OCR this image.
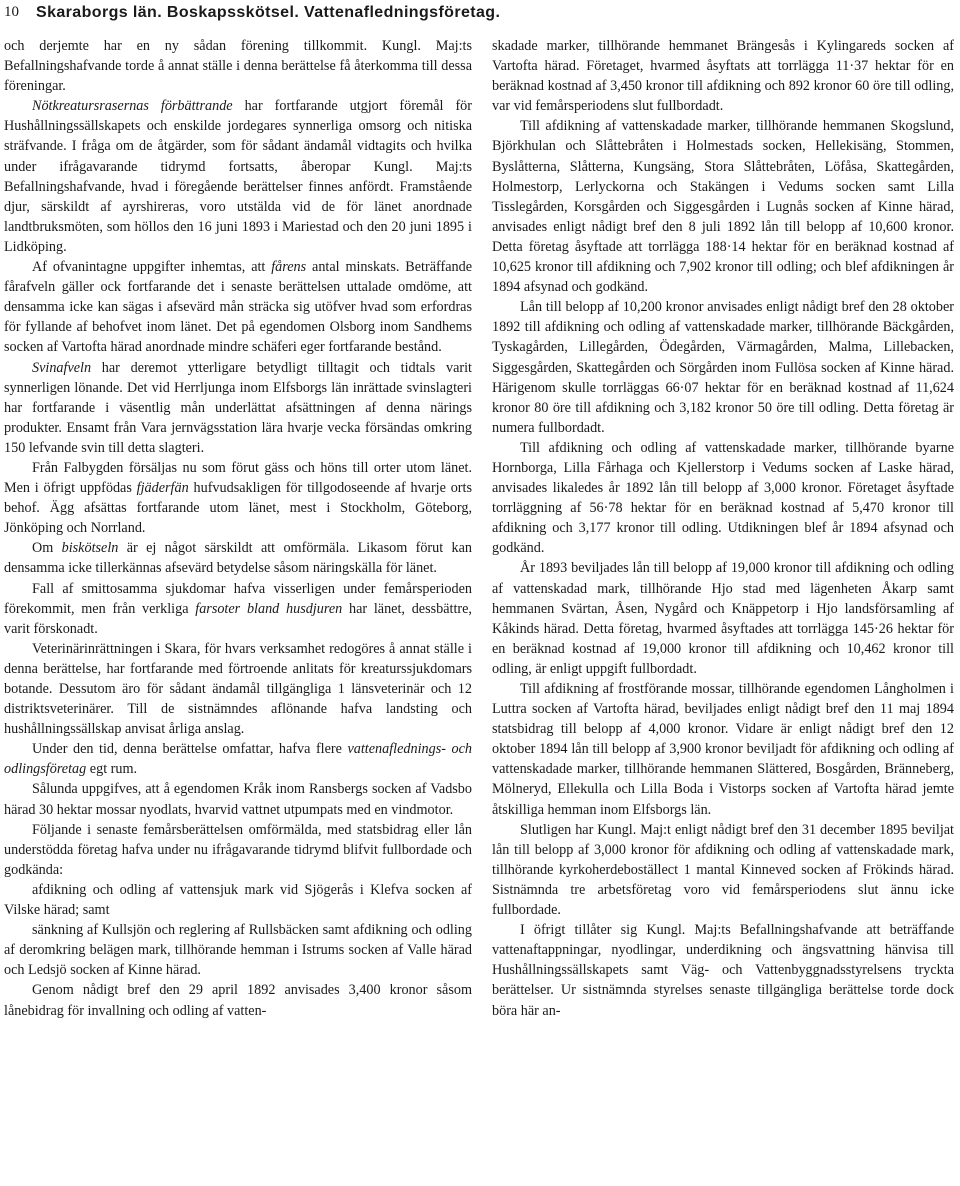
10 Skaraborgs län. Boskapsskötsel. Vattenafledningsföretag.

och derjemte har en ny sådan förening tillkommit. Kungl. Maj:ts Befallningshafvande torde å annat ställe i denna berättelse få återkomma till dessa föreningar.

Nötkreatursrasernas förbättrande har fortfarande utgjort föremål för Hushållningssällskapets och enskilde jordegares synnerliga omsorg och nitiska sträfvande. I fråga om de åtgärder, som för sådant ändamål vidtagits och hvilka under ifrågavarande tidrymd fortsatts, åberopar Kungl. Maj:ts Befallningshafvande, hvad i föregående berättelser finnes anfördt. Framstående djur, särskildt af ayrshireras, voro utstälda vid de för länet anordnade landtbruksmöten, som höllos den 16 juni 1893 i Mariestad och den 20 juni 1895 i Lidköping.

Af ofvanintagne uppgifter inhemtas, att fårens antal minskats. Beträffande fårafveln gäller ock fortfarande det i senaste berättelsen uttalade omdöme, att densamma icke kan sägas i afsevärd mån sträcka sig utöfver hvad som erfordras för fyllande af behofvet inom länet. Det på egendomen Olsborg inom Sandhems socken af Vartofta härad anordnade mindre schäferi eger fortfarande bestånd.

Svinafveln har deremot ytterligare betydligt tilltagit och tidtals varit synnerligen lönande. Det vid Herrljunga inom Elfsborgs län inrättade svinslagteri har fortfarande i väsentlig mån underlättat afsättningen af denna närings produkter. Ensamt från Vara jernvägsstation lära hvarje vecka försändas omkring 150 lefvande svin till detta slagteri.

Från Falbygden försäljas nu som förut gäss och höns till orter utom länet. Men i öfrigt uppfödas fjäderfän hufvudsakligen för tillgodoseende af hvarje orts behof. Ägg afsättas fortfarande utom länet, mest i Stockholm, Göteborg, Jönköping och Norrland.

Om biskötseln är ej något särskildt att omförmäla. Likasom förut kan densamma icke tillerkännas afsevärd betydelse såsom näringskälla för länet.

Fall af smittosamma sjukdomar hafva visserligen under femårsperioden förekommit, men från verkliga farsoter bland husdjuren har länet, dessbättre, varit förskonadt.

Veterinärinrättningen i Skara, för hvars verksamhet redogöres å annat ställe i denna berättelse, har fortfarande med förtroende anlitats för kreaturssjukdomars botande. Dessutom äro för sådant ändamål tillgängliga 1 länsveterinär och 12 distriktsveterinärer. Till de sistnämndes aflönande hafva landsting och hushållningssällskap anvisat årliga anslag.

Under den tid, denna berättelse omfattar, hafva flere vattenaflednings- och odlingsföretag egt rum.

Sålunda uppgifves, att å egendomen Kråk inom Ransbergs socken af Vadsbo härad 30 hektar mossar nyodlats, hvarvid vattnet utpumpats med en vindmotor.

Följande i senaste femårsberättelsen omförmälda, med statsbidrag eller lån understödda företag hafva under nu ifrågavarande tidrymd blifvit fullbordade och godkända:

afdikning och odling af vattensjuk mark vid Sjögerås i Klefva socken af Vilske härad; samt

sänkning af Kullsjön och reglering af Rullsbäcken samt afdikning och odling af deromkring belägen mark, tillhörande hemman i Istrums socken af Valle härad och Ledsjö socken af Kinne härad.

Genom nådigt bref den 29 april 1892 anvisades 3,400 kronor såsom lånebidrag för invallning och odling af vatten-

skadade marker, tillhörande hemmanet Brängesås i Kylingareds socken af Vartofta härad. Företaget, hvarmed åsyftats att torrlägga 11·37 hektar för en beräknad kostnad af 3,450 kronor till afdikning och 892 kronor 60 öre till odling, var vid femårsperiodens slut fullbordadt.

Till afdikning af vattenskadade marker, tillhörande hemmanen Skogslund, Björkhulan och Slåttebråten i Holmestads socken, Hellekisäng, Stommen, Byslåtterna, Slåtterna, Kungsäng, Stora Slåttebråten, Löfåsa, Skattegården, Holmestorp, Lerlyckorna och Stakängen i Vedums socken samt Lilla Tisslegården, Korsgården och Siggesgården i Lugnås socken af Kinne härad, anvisades enligt nådigt bref den 8 juli 1892 lån till belopp af 10,600 kronor. Detta företag åsyftade att torrlägga 188·14 hektar för en beräknad kostnad af 10,625 kronor till afdikning och 7,902 kronor till odling; och blef afdikningen år 1894 afsynad och godkänd.

Lån till belopp af 10,200 kronor anvisades enligt nådigt bref den 28 oktober 1892 till afdikning och odling af vattenskadade marker, tillhörande Bäckgården, Tyskagården, Lillegården, Ödegården, Värmagården, Malma, Lillebacken, Siggesgården, Skattegården och Sörgården inom Fullösa socken af Kinne härad. Härigenom skulle torrläggas 66·07 hektar för en beräknad kostnad af 11,624 kronor 80 öre till afdikning och 3,182 kronor 50 öre till odling. Detta företag är numera fullbordadt.

Till afdikning och odling af vattenskadade marker, tillhörande byarne Hornborga, Lilla Fårhaga och Kjellerstorp i Vedums socken af Laske härad, anvisades likaledes år 1892 lån till belopp af 3,000 kronor. Företaget åsyftade torrläggning af 56·78 hektar för en beräknad kostnad af 5,470 kronor till afdikning och 3,177 kronor till odling. Utdikningen blef år 1894 afsynad och godkänd.

År 1893 beviljades lån till belopp af 19,000 kronor till afdikning och odling af vattenskadad mark, tillhörande Hjo stad med lägenheten Åkarp samt hemmanen Svärtan, Åsen, Nygård och Knäppetorp i Hjo landsförsamling af Kåkinds härad. Detta företag, hvarmed åsyftades att torrlägga 145·26 hektar för en beräknad kostnad af 19,000 kronor till afdikning och 10,462 kronor till odling, är enligt uppgift fullbordadt.

Till afdikning af frostförande mossar, tillhörande egendomen Långholmen i Luttra socken af Vartofta härad, beviljades enligt nådigt bref den 11 maj 1894 statsbidrag till belopp af 4,000 kronor. Vidare är enligt nådigt bref den 12 oktober 1894 lån till belopp af 3,900 kronor beviljadt för afdikning och odling af vattenskadade marker, tillhörande hemmanen Slättered, Bosgården, Bränneberg, Mölneryd, Ellekulla och Lilla Boda i Vistorps socken af Vartofta härad jemte åtskilliga hemman inom Elfsborgs län.

Slutligen har Kungl. Maj:t enligt nådigt bref den 31 december 1895 beviljat lån till belopp af 3,000 kronor för afdikning och odling af vattenskadade mark, tillhörande kyrkoherdeboställect 1 mantal Kinneved socken af Frökinds härad. Sistnämnda tre arbetsföretag voro vid femårsperiodens slut ännu icke fullbordade.

I öfrigt tillåter sig Kungl. Maj:ts Befallningshafvande att beträffande vattenaftappningar, nyodlingar, underdikning och ängsvattning hänvisa till Hushållningssällskapets samt Väg- och Vattenbyggnadsstyrelsens tryckta berättelser. Ur sistnämnda styrelses senaste tillgängliga berättelse torde dock böra här an-
